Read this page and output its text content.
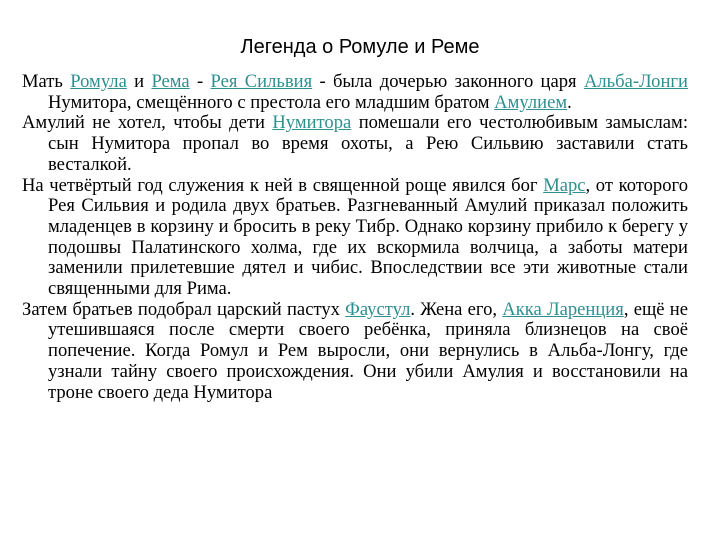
Легенда о Ромуле и Реме

Мать Ромула и Рема - Рея Сильвия - была дочерью законного царя Альба-Лонги Нумитора, смещённого с престола его младшим братом Амулием.

Амулий не хотел, чтобы дети Нумитора помешали его честолюбивым замыслам: сын Нумитора пропал во время охоты, а Рею Сильвию заставили стать весталкой.

На четвёртый год служения к ней в священной роще явился бог Марс, от которого Рея Сильвия и родила двух братьев. Разгневанный Амулий приказал положить младенцев в корзину и бросить в реку Тибр. Однако корзину прибило к берегу у подошвы Палатинского холма, где их вскормила волчица, а заботы матери заменили прилетевшие дятел и чибис. Впоследствии все эти животные стали священными для Рима.

Затем братьев подобрал царский пастух Фаустул. Жена его, Акка Ларенция, ещё не утешившаяся после смерти своего ребёнка, приняла близнецов на своё попечение. Когда Ромул и Рем выросли, они вернулись в Альба-Лонгу, где узнали тайну своего происхождения. Они убили Амулия и восстановили на троне своего деда Нумитора
